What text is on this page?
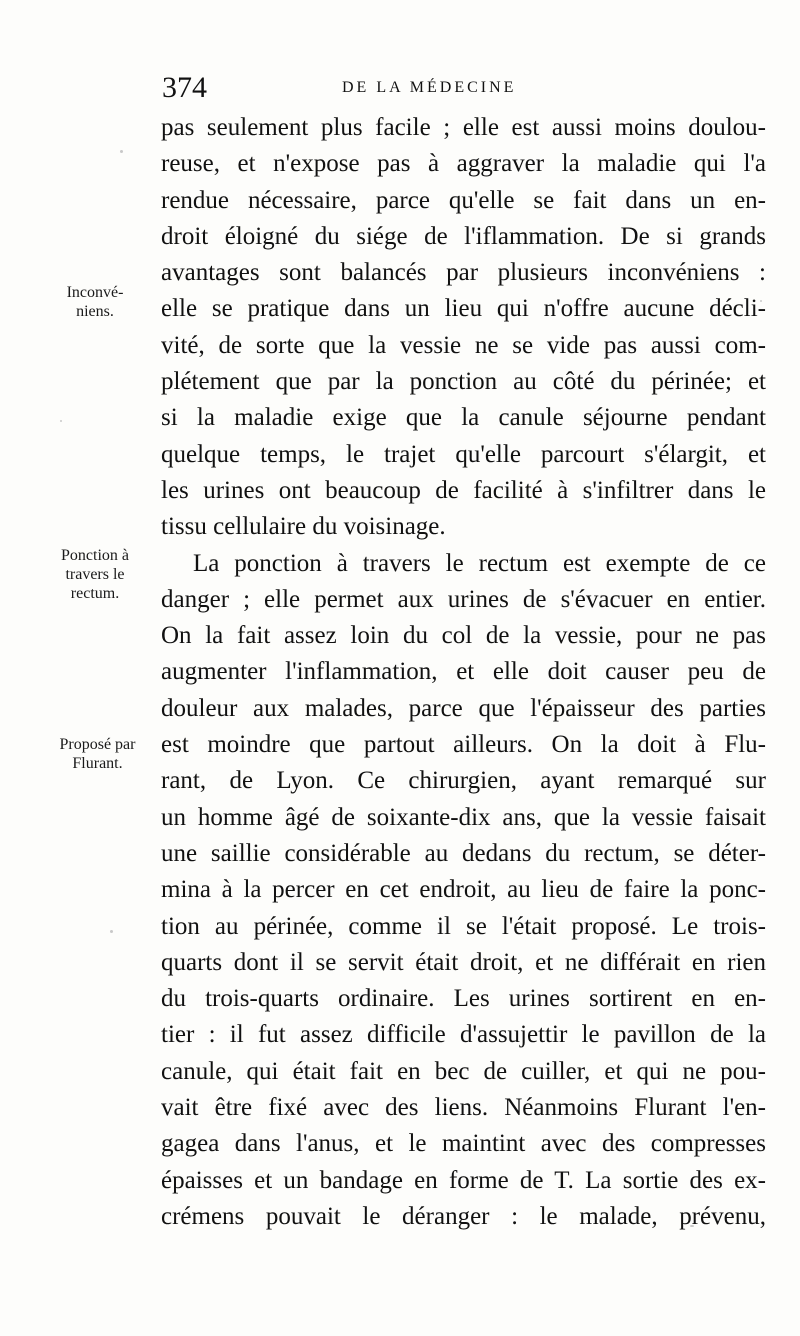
374	DE LA MÉDECINE
Inconvé- niens.
Ponction à travers le rectum.
Proposé par Flurant.
pas seulement plus facile ; elle est aussi moins doulou-
reuse, et n'expose pas à aggraver la maladie qui l'a
rendue nécessaire, parce qu'elle se fait dans un en-
droit éloigné du siége de l'iflammation. De si grands
avantages sont balancés par plusieurs inconvéniens :
elle se pratique dans un lieu qui n'offre aucune décli-
vité, de sorte que la vessie ne se vide pas aussi com-
plétement que par la ponction au côté du périnée; et
si la maladie exige que la canule séjourne pendant
quelque temps, le trajet qu'elle parcourt s'élargit, et
les urines ont beaucoup de facilité à s'infiltrer dans le
tissu cellulaire du voisinage.
La ponction à travers le rectum est exempte de ce
danger ; elle permet aux urines de s'évacuer en entier.
On la fait assez loin du col de la vessie, pour ne pas
augmenter l'inflammation, et elle doit causer peu de
douleur aux malades, parce que l'épaisseur des parties
est moindre que partout ailleurs. On la doit à Flu-
rant, de Lyon. Ce chirurgien, ayant remarqué sur
un homme âgé de soixante-dix ans, que la vessie faisait
une saillie considérable au dedans du rectum, se déter-
mina à la percer en cet endroit, au lieu de faire la ponc-
tion au périnée, comme il se l'était proposé. Le trois-
quarts dont il se servit était droit, et ne différait en rien
du trois-quarts ordinaire. Les urines sortirent en en-
tier : il fut assez difficile d'assujettir le pavillon de la
canule, qui était fait en bec de cuiller, et qui ne pou-
vait être fixé avec des liens. Néanmoins Flurant l'en-
gagea dans l'anus, et le maintint avec des compresses
épaisses et un bandage en forme de T. La sortie des ex-
crémens pouvait le déranger : le malade, prévenu,
